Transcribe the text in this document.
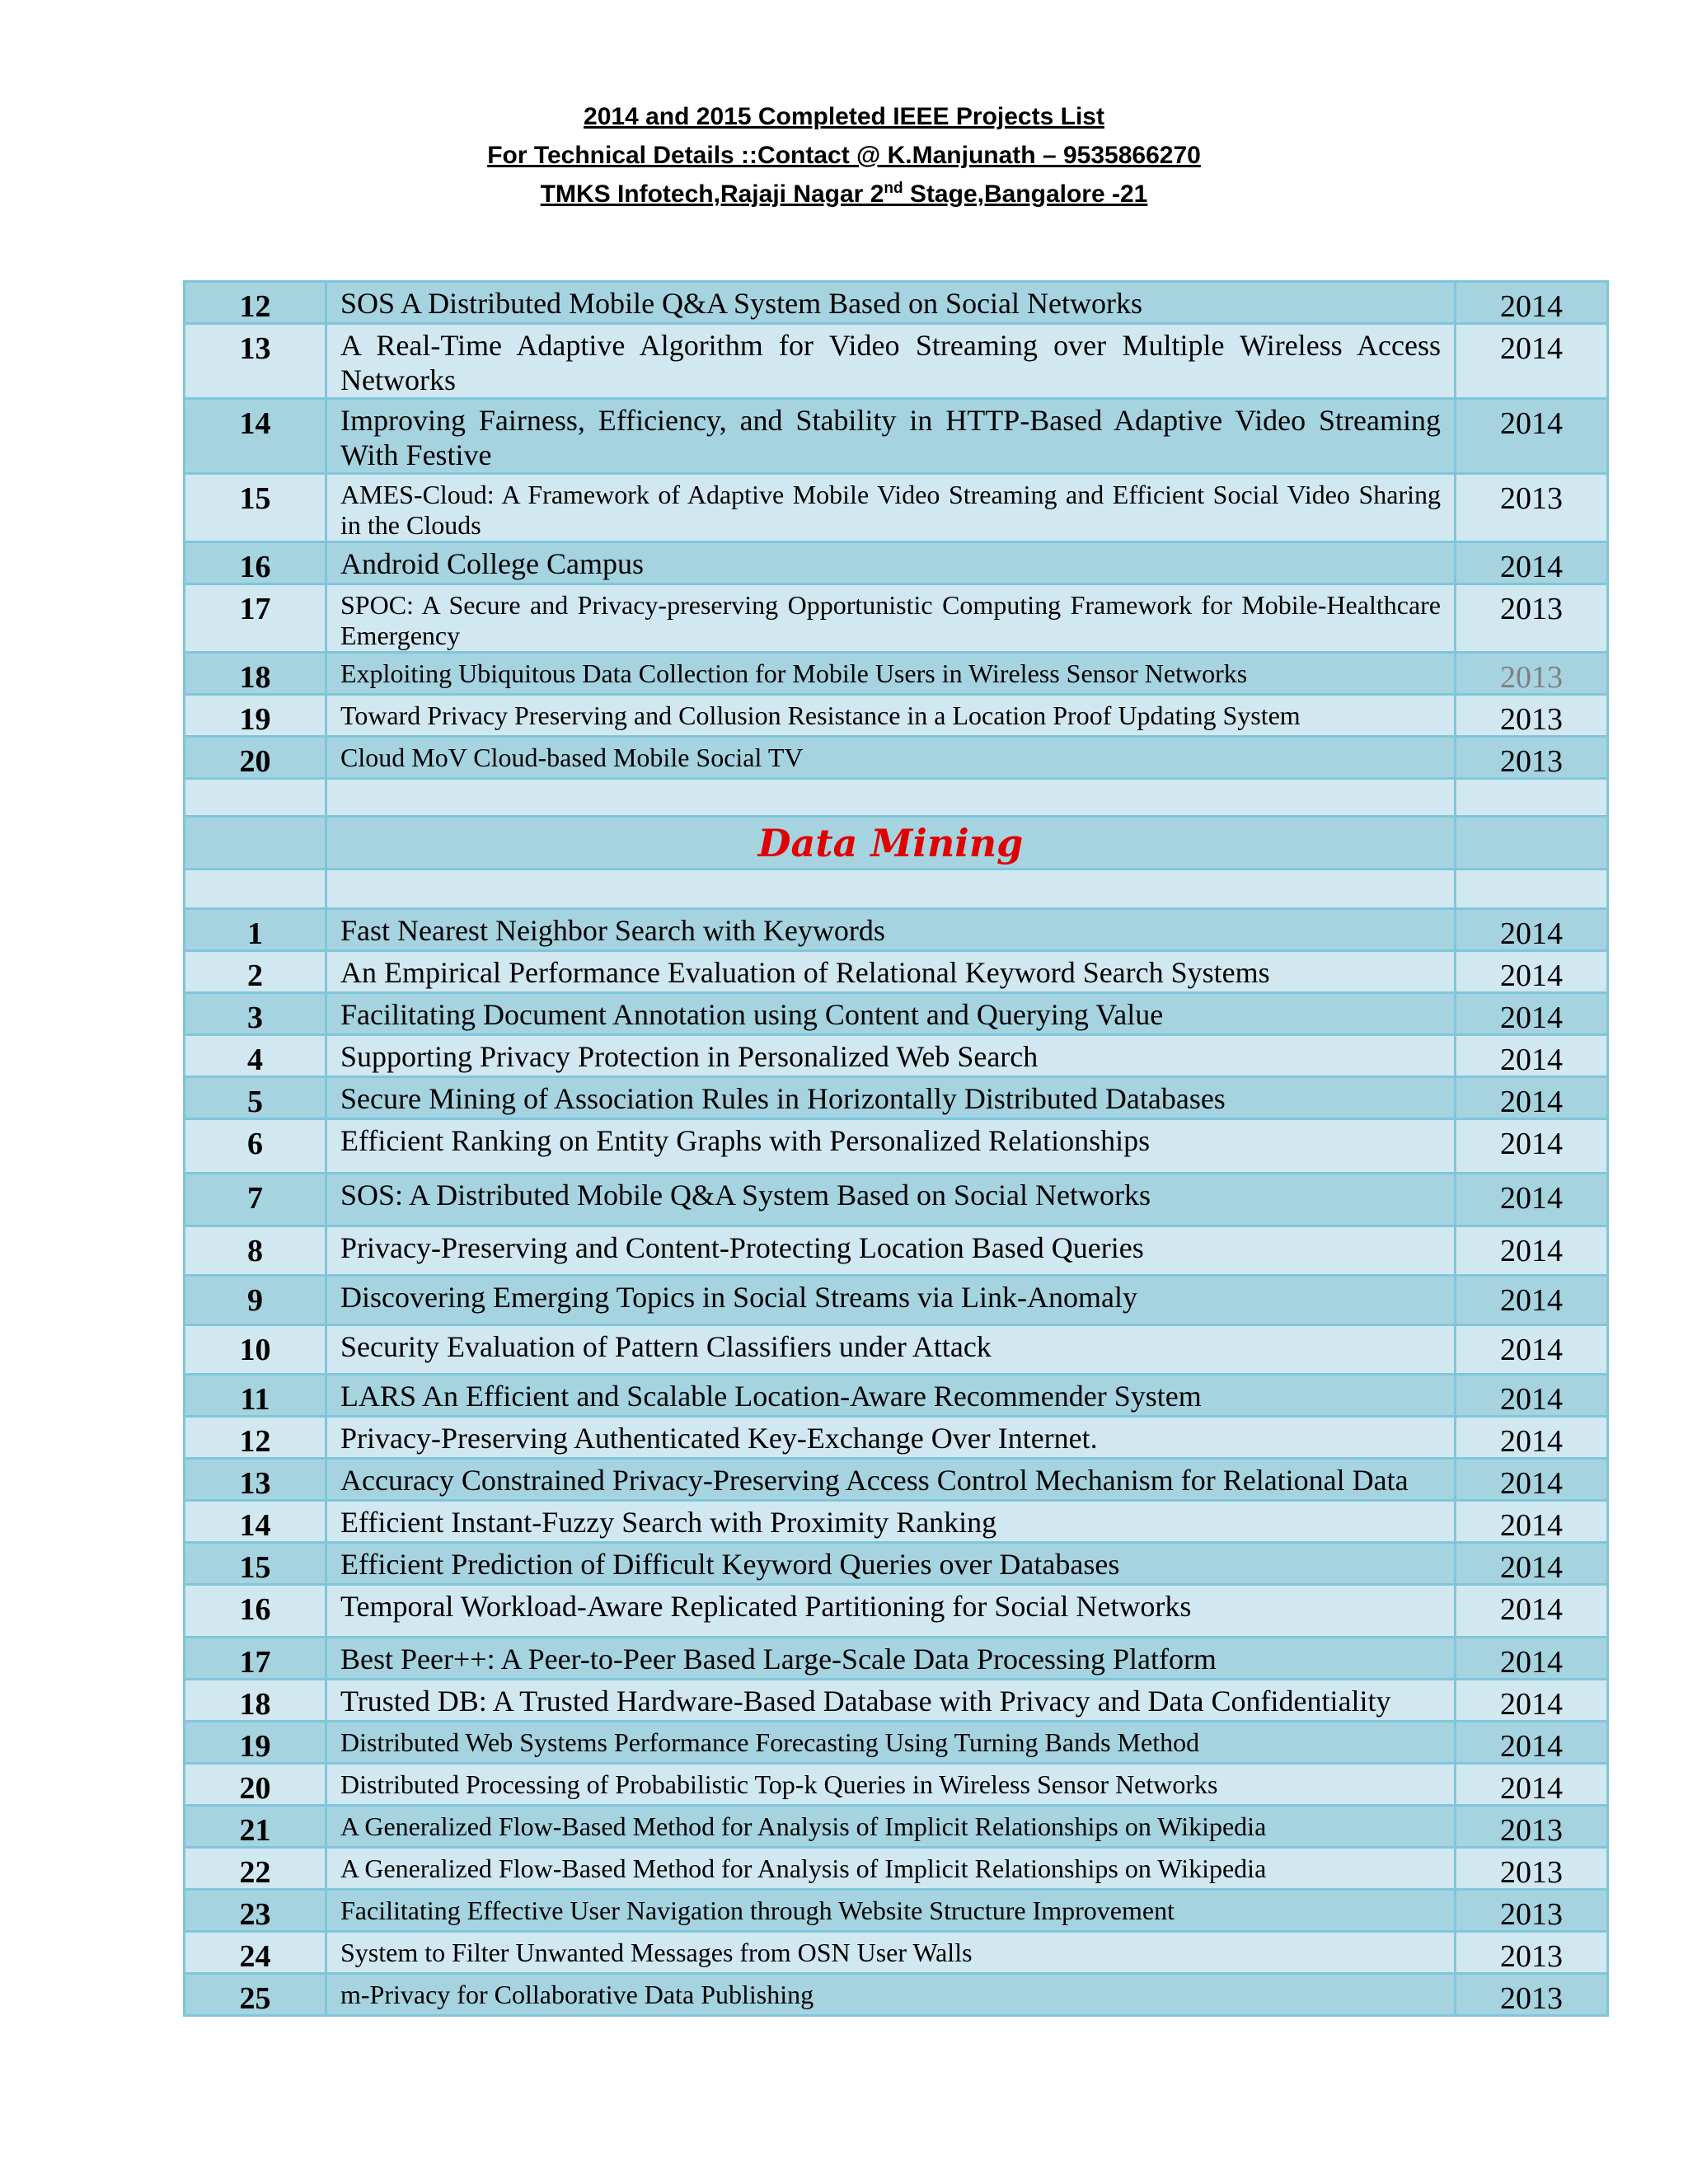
2014 and 2015 Completed IEEE Projects List
For Technical Details ::Contact @ K.Manjunath – 9535866270
TMKS Infotech,Rajaji Nagar 2nd Stage,Bangalore -21
12	SOS A Distributed Mobile Q&A System Based on Social Networks	2014
13	A Real-Time Adaptive Algorithm for Video Streaming over Multiple Wireless Access Networks	2014
14	Improving Fairness, Efficiency, and Stability in HTTP-Based Adaptive Video Streaming With Festive	2014
15	AMES-Cloud: A Framework of Adaptive Mobile Video Streaming and Efficient Social Video Sharing in the Clouds	2013
16	Android College Campus	2014
17	SPOC: A Secure and Privacy-preserving Opportunistic Computing Framework for Mobile-Healthcare Emergency	2013
18	Exploiting Ubiquitous Data Collection for Mobile Users in Wireless Sensor Networks	2013
19	Toward Privacy Preserving and Collusion Resistance in a Location Proof Updating System	2013
20	Cloud MoV Cloud-based Mobile Social TV	2013

	Data Mining	

1	Fast Nearest Neighbor Search with Keywords	2014
2	An Empirical Performance Evaluation of Relational Keyword Search Systems	2014
3	Facilitating Document Annotation using Content and Querying Value	2014
4	Supporting Privacy Protection in Personalized Web Search	2014
5	Secure Mining of Association Rules in Horizontally Distributed Databases	2014
6	Efficient Ranking on Entity Graphs with Personalized Relationships	2014
7	SOS: A Distributed Mobile Q&A System Based on Social Networks	2014
8	Privacy-Preserving and Content-Protecting Location Based Queries	2014
9	Discovering Emerging Topics in Social Streams via Link-Anomaly	2014
10	Security Evaluation of Pattern Classifiers under Attack	2014
11	LARS An Efficient and Scalable Location-Aware Recommender System	2014
12	Privacy-Preserving Authenticated Key-Exchange Over Internet.	2014
13	Accuracy Constrained Privacy-Preserving Access Control Mechanism for Relational Data	2014
14	Efficient Instant-Fuzzy Search with Proximity Ranking	2014
15	Efficient Prediction of Difficult Keyword Queries over Databases	2014
16	Temporal Workload-Aware Replicated Partitioning for Social Networks	2014
17	Best Peer++: A Peer-to-Peer Based Large-Scale Data Processing Platform	2014
18	Trusted DB: A Trusted Hardware-Based Database with Privacy and Data Confidentiality	2014
19	Distributed Web Systems Performance Forecasting Using Turning Bands Method	2014
20	Distributed Processing of Probabilistic Top-k Queries in Wireless Sensor Networks	2014
21	A Generalized Flow-Based Method for Analysis of Implicit Relationships on Wikipedia	2013
22	A Generalized Flow-Based Method for Analysis of Implicit Relationships on Wikipedia	2013
23	Facilitating Effective User Navigation through Website Structure Improvement	2013
24	System to Filter Unwanted Messages from OSN User Walls	2013
25	m-Privacy for Collaborative Data Publishing	2013
